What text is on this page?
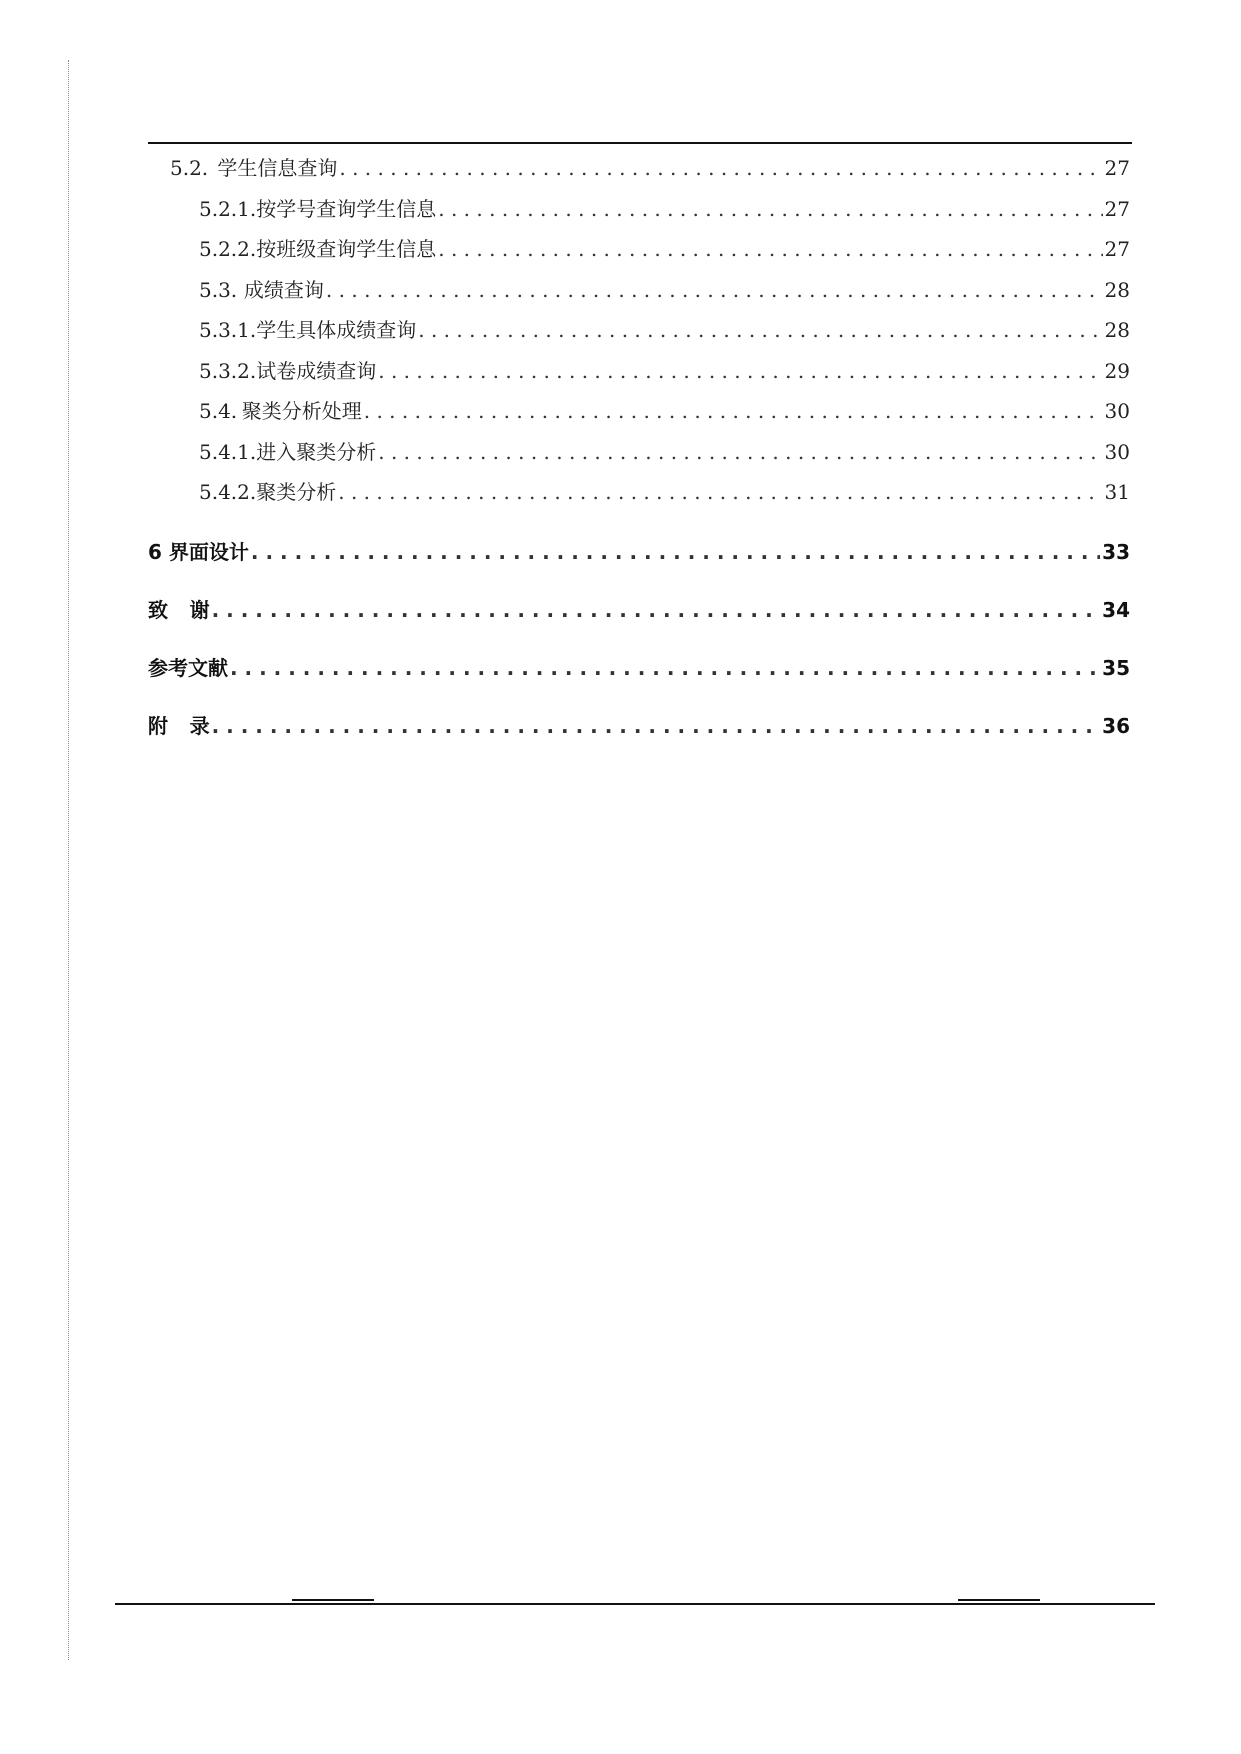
5.2. 学生信息查询 . . .	27
5.2.1. 按学号查询学生信息 . . .	27
5.2.2. 按班级查询学生信息 . . .	27
5.3. 成绩查询 . . .	28
5.3.1. 学生具体成绩查询 . . .	28
5.3.2. 试卷成绩查询 . . .	29
5.4. 聚类分析处理 . . .	30
5.4.1. 进入聚类分析 . . .	30
5.4.2. 聚类分析 . . .	31
6 界面设计 . . .	33
致	谢 . . .	34
参考文献 . . .	35
附	录 . . .	36
